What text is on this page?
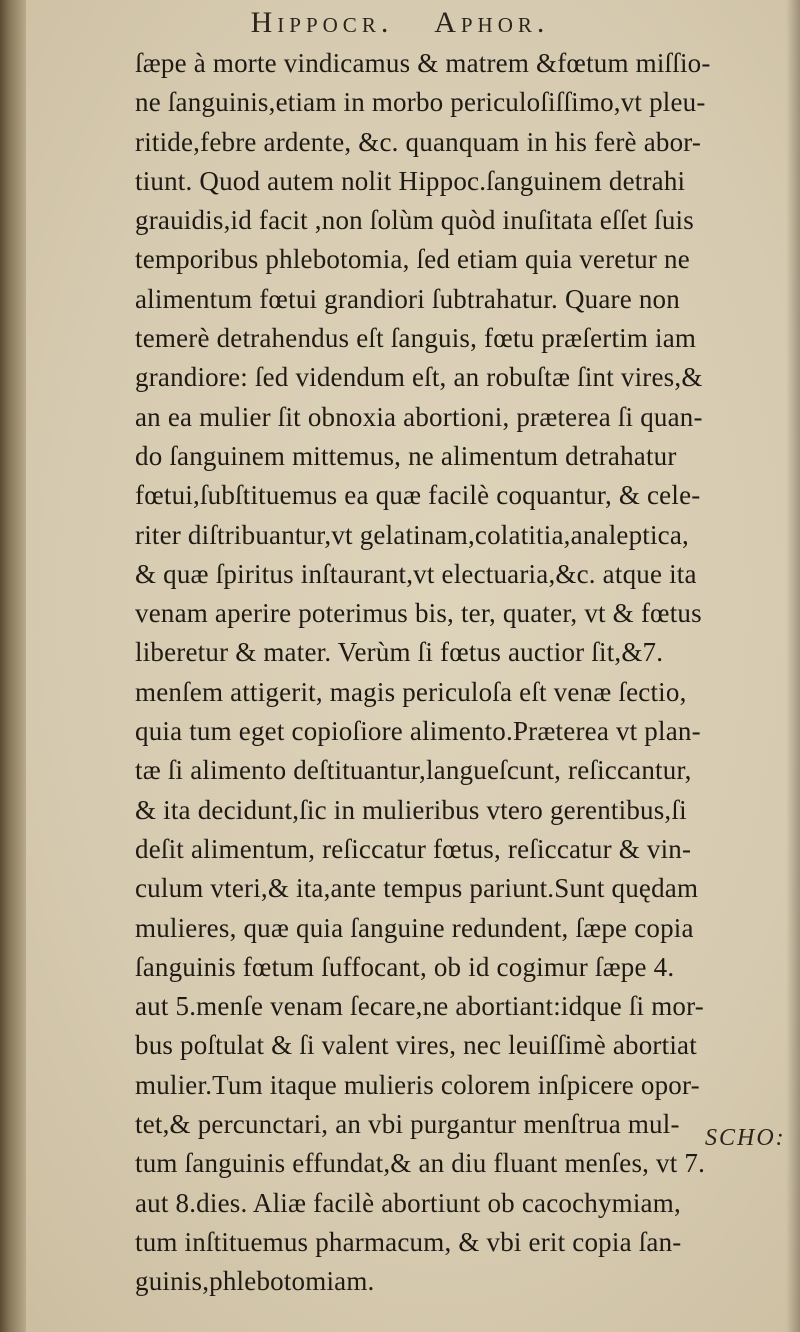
Hippocr. Aphor.
ſæpe à morte vindicamus & matrem &fœtum miſſio-
ne ſanguinis,etiam in morbo periculoſiſſimo,vt pleu-
ritide,febre ardente, &c. quanquam in his ferè abor-
tiunt. Quod autem nolit Hippoc.ſanguinem detrahi
grauidis,id facit ,non ſolùm quòd inuſitata eſſet ſuis
temporibus phlebotomia, ſed etiam quia veretur ne
alimentum fœtui grandiori ſubtrahatur. Quare non
temerè detrahendus eſt ſanguis, fœtu præſertim iam
grandiore: ſed videndum eſt, an robuſtæ ſint vires,&
an ea mulier ſit obnoxia abortioni, præterea ſi quan-
do ſanguinem mittemus, ne alimentum detrahatur
fœtui,ſubſtituemus ea quæ facilè coquantur, & cele-
riter diſtribuantur,vt gelatinam,colatitia,analeptica,
& quæ ſpiritus inſtaurant,vt electuaria,&c. atque ita
venam aperire poterimus bis, ter, quater, vt & fœtus
liberetur & mater. Verùm ſi fœtus auctior ſit,&7.
menſem attigerit, magis periculoſa eſt venæ ſectio,
quia tum eget copioſiore alimento.Præterea vt plan-
tæ ſi alimento deſtituantur,langueſcunt, reſiccantur,
& ita decidunt,ſic in mulieribus vtero gerentibus,ſi
deſit alimentum, reſiccatur fœtus, reſiccatur & vin-
culum vteri,& ita,ante tempus pariunt.Sunt quędam
mulieres, quæ quia ſanguine redundent, ſæpe copia
ſanguinis fœtum ſuffocant, ob id cogimur ſæpe 4.
aut 5.menſe venam ſecare,ne abortiant:idque ſi mor-
bus poſtulat & ſi valent vires, nec leuiſſimè abortiat
mulier.Tum itaque mulieris colorem inſpicere opor-
tet,& percunctari, an vbi purgantur menſtrua mul-
tum ſanguinis effundat,& an diu fluant menſes, vt 7.
aut 8.dies. Aliæ facilè abortiunt ob cacochymiam,
tum inſtituemus pharmacum, & vbi erit copia ſan-
guinis,phlebotomiam.
SCHO:
